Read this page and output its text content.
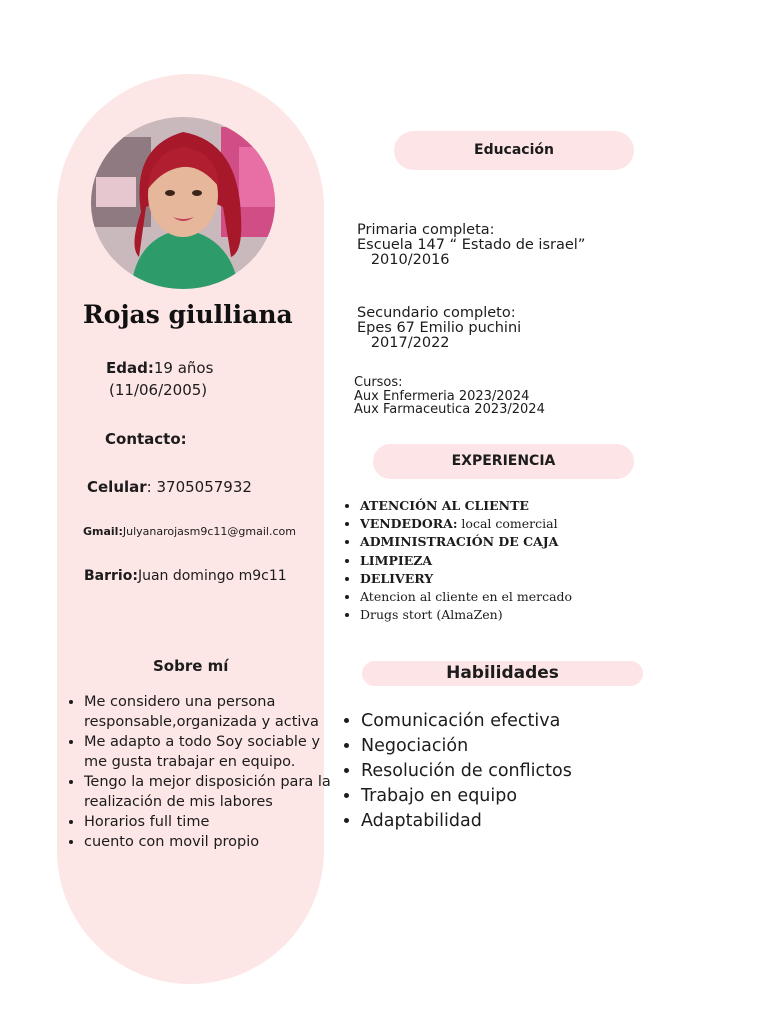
Rojas giulliana
Edad:19 años
(11/06/2005)
Contacto:
Celular: 3705057932
Gmail:Julyanarojasm9c11@gmail.com
Barrio:Juan domingo m9c11
Sobre mí
• Me considero una persona responsable,organizada y activa
• Me adapto a todo Soy sociable y me gusta trabajar en equipo.
• Tengo la mejor disposición para la realización de mis labores
• Horarios full time
• cuento con movil propio
Educación
Primaria completa:
Escuela 147 “ Estado de israel”
2010/2016
Secundario completo:
Epes 67 Emilio puchini
2017/2022
Cursos:
Aux Enfermeria 2023/2024
Aux Farmaceutica 2023/2024
EXPERIENCIA
• ATENCIÓN AL CLIENTE
• VENDEDORA: local comercial
• ADMINISTRACIÓN DE CAJA
• LIMPIEZA
• DELIVERY
• Atencion al cliente en el mercado
• Drugs stort (AlmaZen)
Habilidades
• Comunicación efectiva
• Negociación
• Resolución de conflictos
• Trabajo en equipo
• Adaptabilidad
